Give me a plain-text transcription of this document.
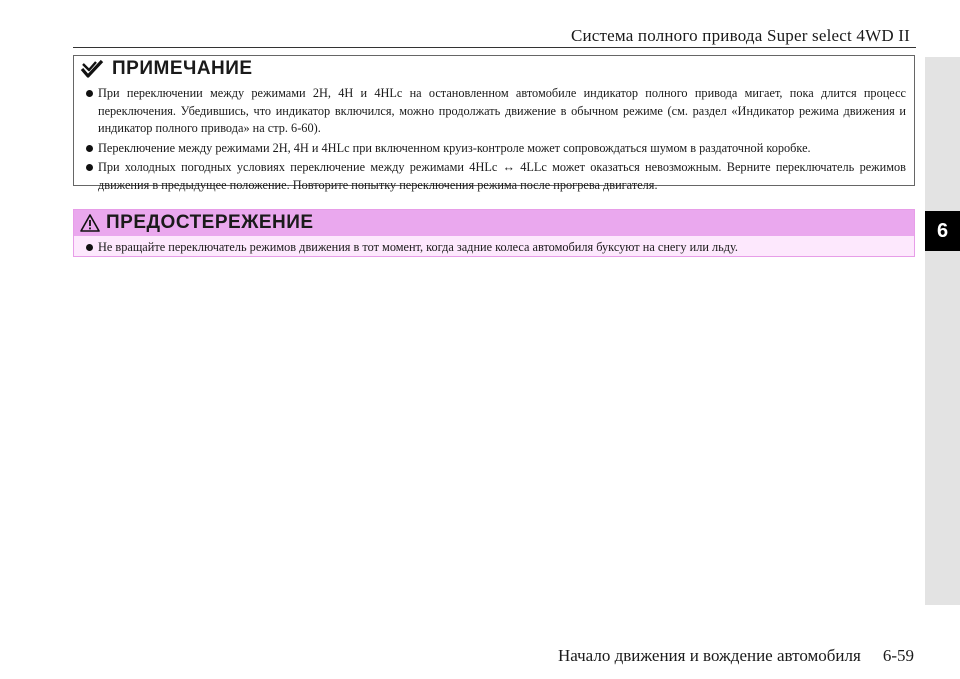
Система полного привода Super select 4WD II
6
ПРИМЕЧАНИЕ
При переключении между режимами 2H, 4H и 4HLc на остановленном автомобиле индикатор полного привода мигает, пока длится процесс переключения. Убедившись, что индикатор включился, можно продолжать движение в обычном режиме (см. раздел «Индикатор режима движения и индикатор полного привода» на стр. 6-60).
Переключение между режимами 2H, 4H и 4HLc при включенном круиз-контроле может сопровождаться шумом в раздаточной коробке.
При холодных погодных условиях переключение между режимами 4HLc ↔ 4LLc может оказаться невозможным. Верните переключатель режимов движения в предыдущее положение. Повторите попытку переключения режима после прогрева двигателя.
ПРЕДОСТЕРЕЖЕНИЕ
Не вращайте переключатель режимов движения в тот момент, когда задние колеса автомобиля буксуют на снегу или льду.
Начало движения и вождение автомобиля 6-59
